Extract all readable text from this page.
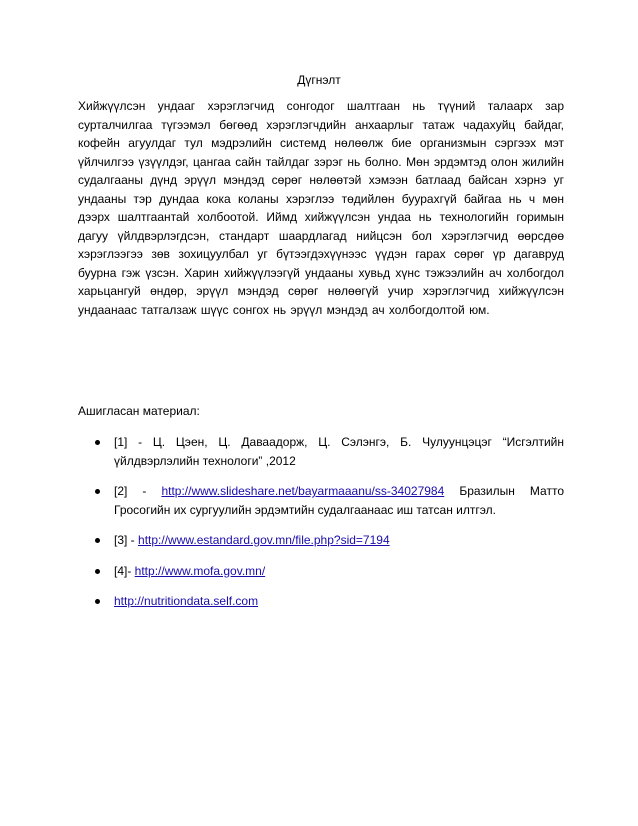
Дүгнэлт
Хийжүүлсэн ундааг хэрэглэгчид сонгодог шалтгаан нь түүний талаарх зар сурталчилгаа түгээмэл бөгөөд хэрэглэгчдийн анхаарлыг татаж чадахуйц байдаг, кофейн агуулдаг тул мэдрэлийн системд нөлөөлж бие организмын сэргээх мэт үйлчилгээ үзүүлдэг, цангаа сайн тайлдаг зэрэг нь болно. Мөн эрдэмтэд олон жилийн судалгааны дүнд эрүүл мэндэд сөрөг нөлөөтэй хэмээн батлаад байсан хэрнэ уг ундааны тэр дундаа кока коланы хэрэглээ төдийлөн буурахгүй байгаа нь ч мөн дээрх шалтгаантай холбоотой. Иймд хийжүүлсэн ундаа нь технологийн горимын дагуу үйлдвэрлэгдсэн, стандарт шаардлагад нийцсэн бол хэрэглэгчид өөрсдөө хэрэглээгээ зөв зохицуулбал уг бүтээгдэхүүнээс үүдэн гарах сөрөг үр дагавруд буурна гэж үзсэн. Харин хийжүүлээгүй ундааны хувьд хүнс тэжээлийн ач холбогдол харьцангуй өндөр, эрүүл мэндэд сөрөг нөлөөгүй учир хэрэглэгчид хийжүүлсэн ундаанаас татгалзаж шүүс сонгох нь эрүүл мэндэд ач холбогдолтой юм.
Ашигласан материал:
[1] - Ц. Цэен, Ц. Даваадорж, Ц. Сэлэнгэ, Б. Чулуунцэцэг “Исгэлтийн үйлдвэрлэлийн технологи” ,2012
[2] - http://www.slideshare.net/bayarmaaanu/ss-34027984 Бразилын Матто Гросогийн их сургуулийн эрдэмтийн судалгаанаас иш татсан илтгэл.
[3] - http://www.estandard.gov.mn/file.php?sid=7194
[4]- http://www.mofa.gov.mn/
http://nutritiondata.self.com
